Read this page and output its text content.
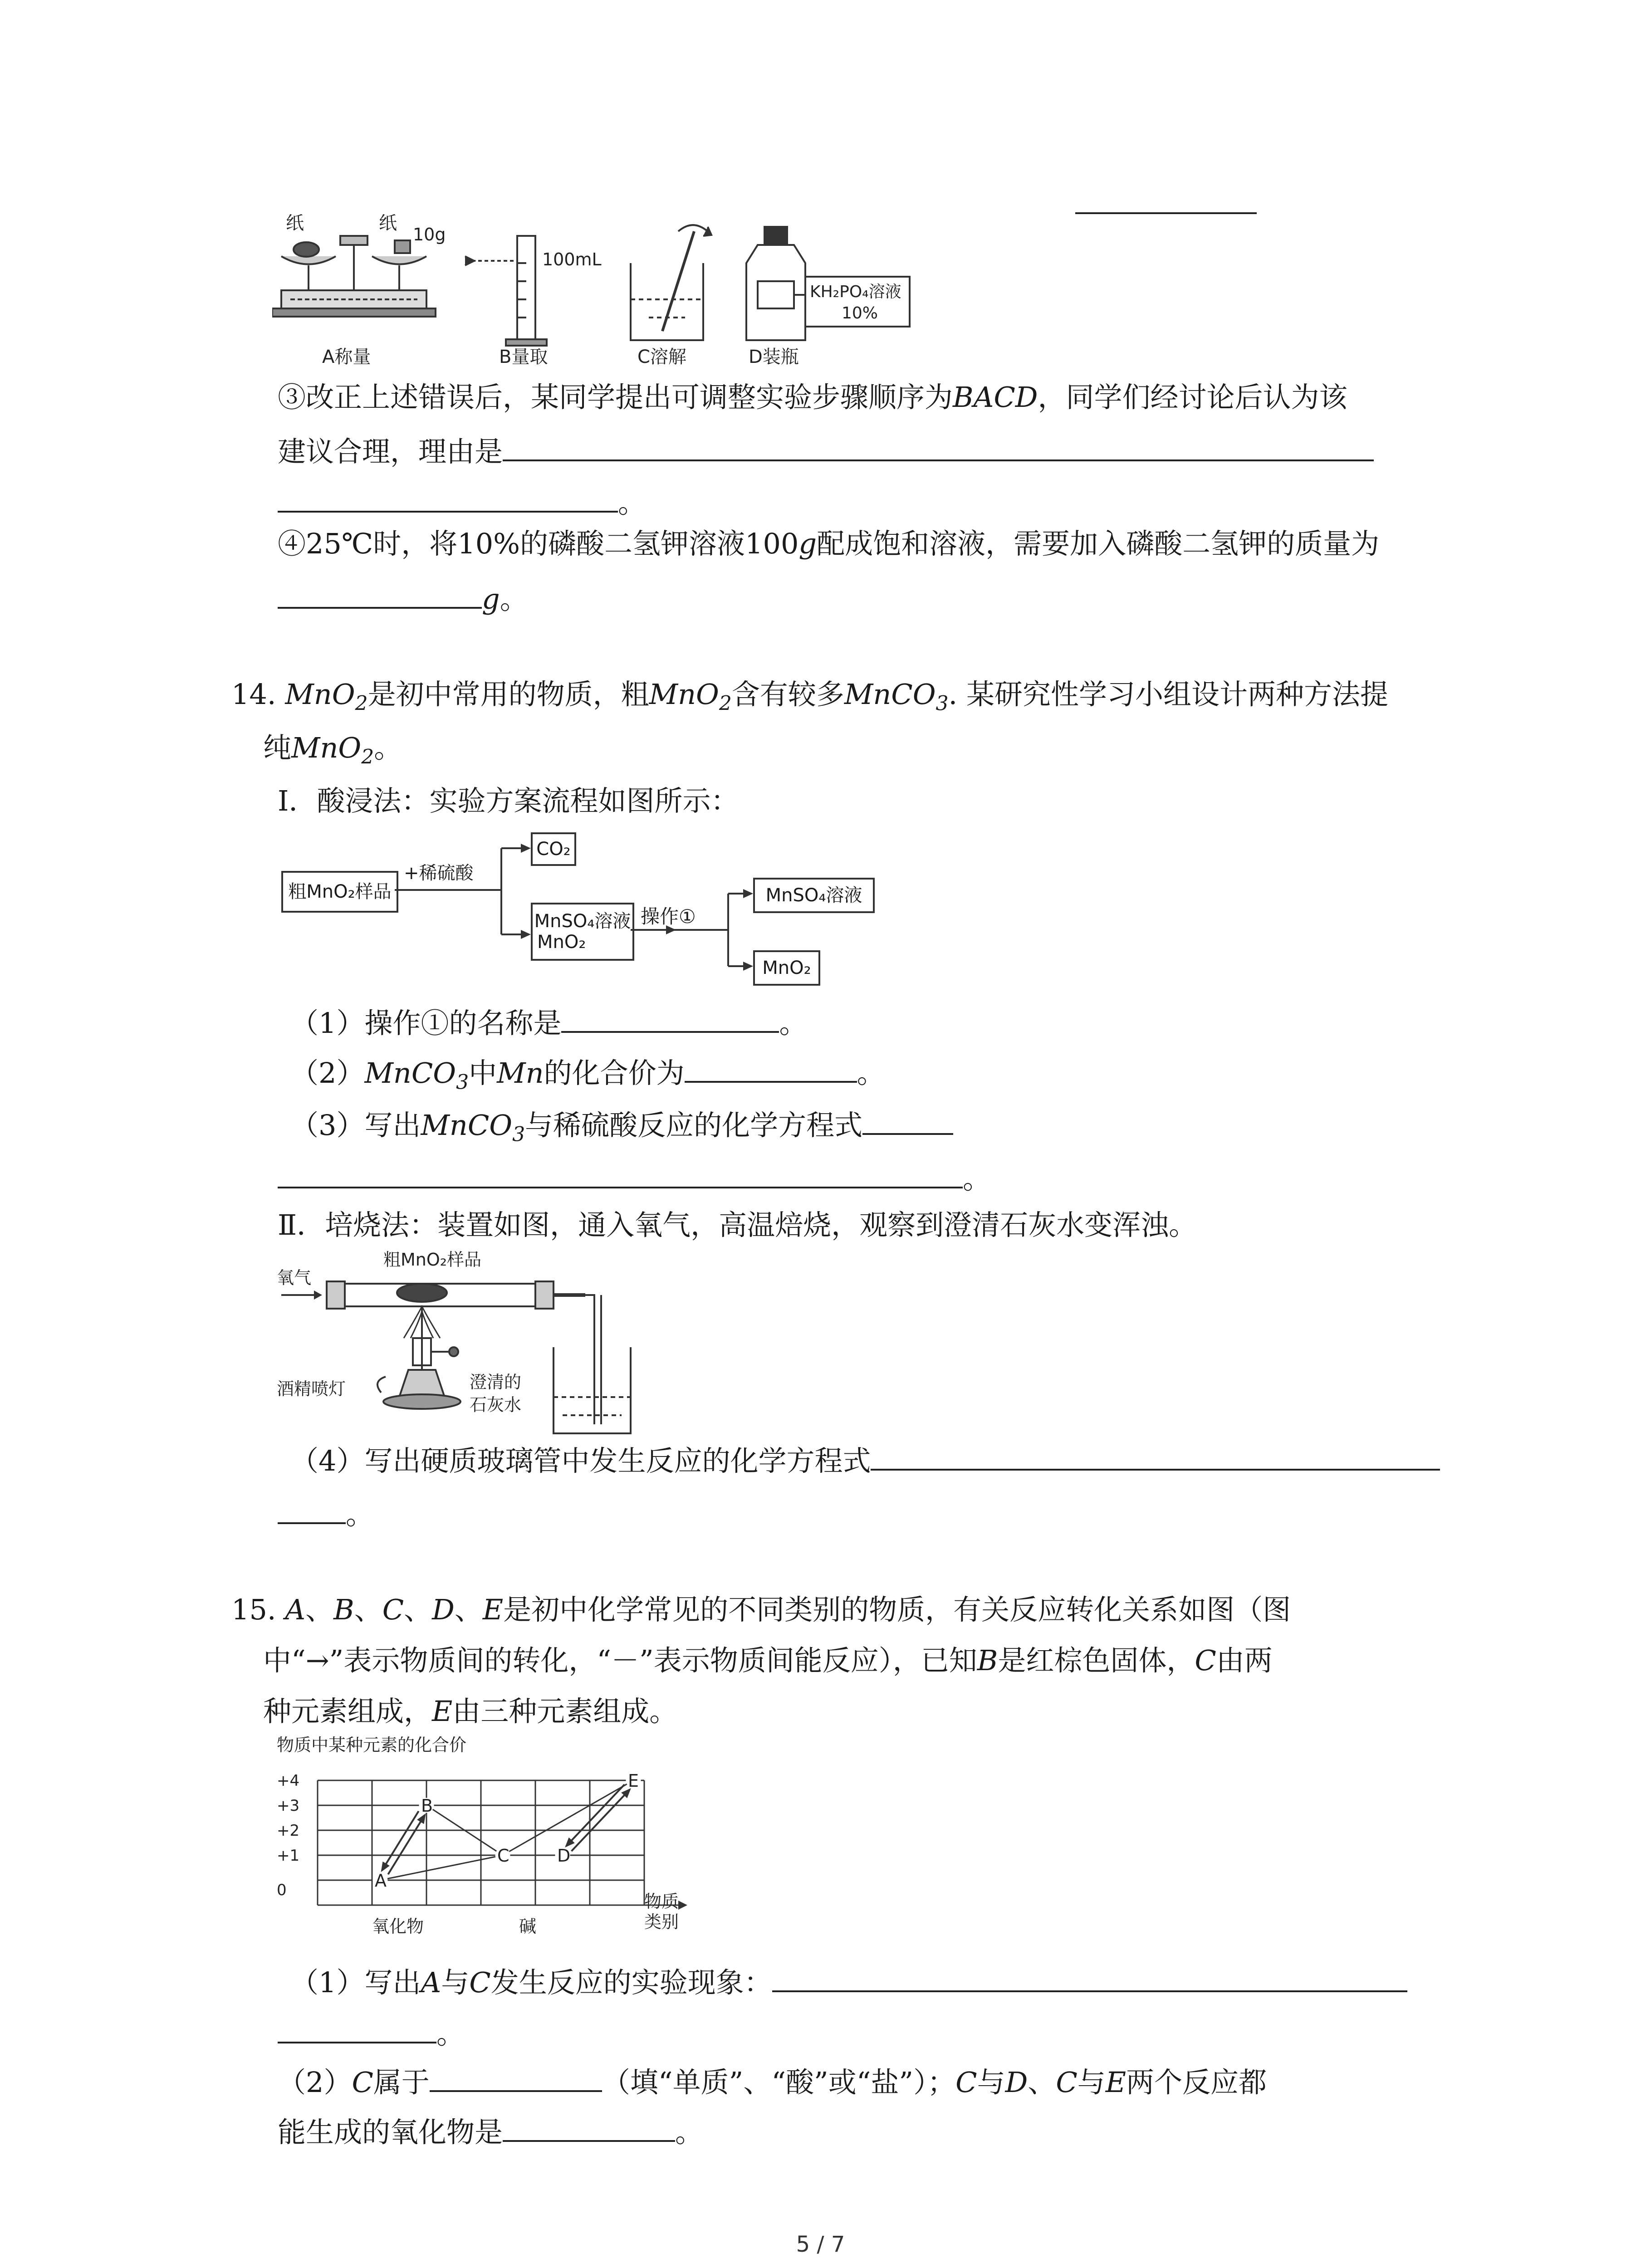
纸	纸
10g
A称量
100mL
B量取	C溶解
KH₂PO₄溶液
10%
D装瓶
③改正上述错误后，某同学提出可调整实验步骤顺序为BACD，同学们经讨论后认为该
建议合理，理由是
。
④25℃时，将10%的磷酸二氢钾溶液100g配成饱和溶液，需要加入磷酸二氢钾的质量为
g。
14. MnO$_2$是初中常用的物质，粗MnO$_2$含有较多MnCO$_3$. 某研究性学习小组设计两种方法提
纯MnO$_2$。
Ⅰ．酸浸法：实验方案流程如图所示：
粗MnO₂样品
+稀硫酸
CO₂
MnSO₄溶液
MnO₂
操作①
MnSO₄溶液
MnO₂
（1）操作①的名称是	。
（2）MnCO$_3$中Mn的化合价为	。
（3）写出MnCO$_3$与稀硫酸反应的化学方程式
。
Ⅱ．培烧法：装置如图，通入氧气，高温焙烧，观察到澄清石灰水变浑浊。
氧气
粗MnO₂样品
酒精喷灯	澄清的
石灰水
（4）写出硬质玻璃管中发生反应的化学方程式
。
15. A、B、C、D、E是初中化学常见的不同类别的物质，有关反应转化关系如图（图
中“→”表示物质间的转化，“－”表示物质间能反应），已知B是红棕色固体，C由两
种元素组成，E由三种元素组成。
物质中某种元素的化合价
+4
+3
+2
+1
0
氧化物	碱
A
B
C	D
E
物质
类别
（1）写出A与C发生反应的实验现象：
。
（2）C属于	（填“单质”、“酸”或“盐”）；C与D、C与E两个反应都
能生成的氧化物是	。
5 / 7
